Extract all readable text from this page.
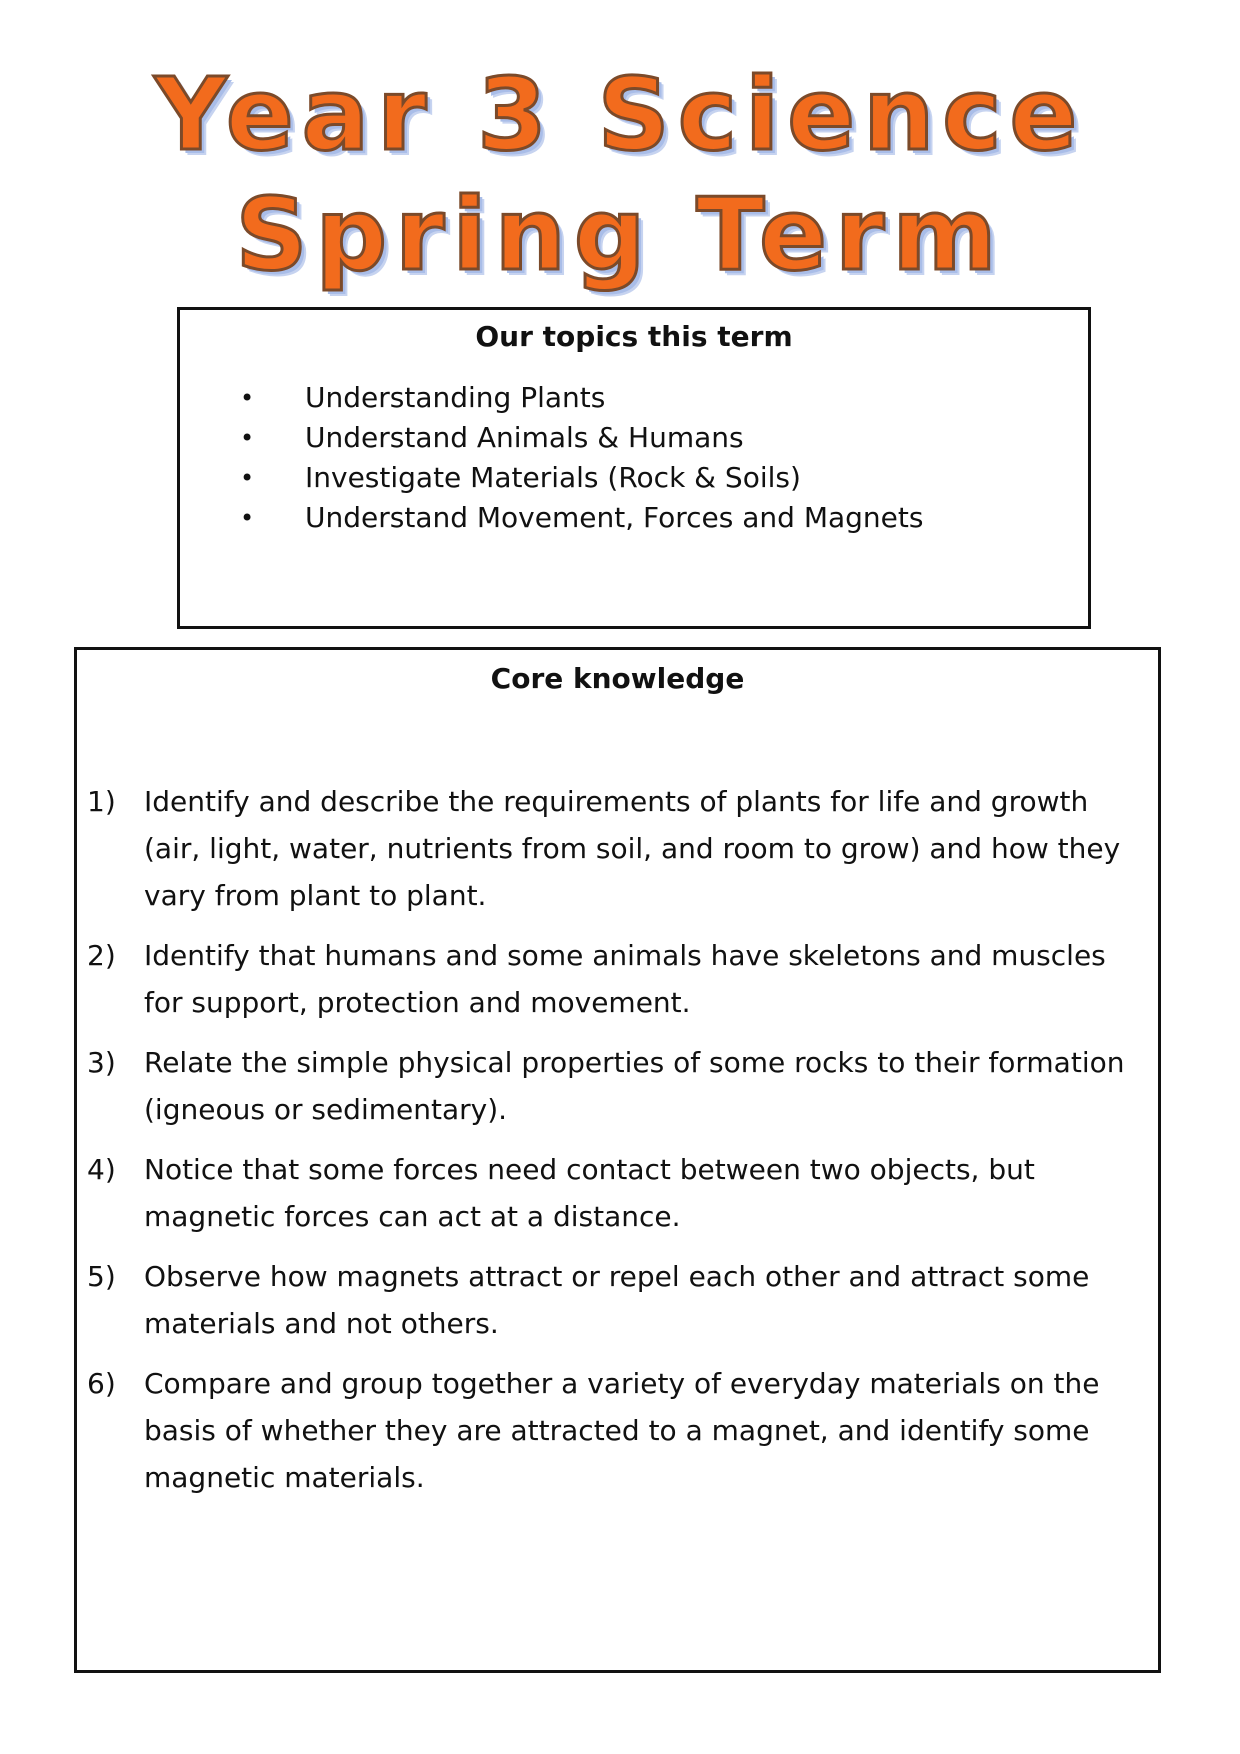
Year 3 Science
Spring Term
Our topics this term
• Understanding Plants
• Understand Animals & Humans
• Investigate Materials (Rock & Soils)
• Understand Movement, Forces and Magnets
Core knowledge
1)	Identify and describe the requirements of plants for life and growth (air, light, water, nutrients from soil, and room to grow) and how they vary from plant to plant.
2)	Identify that humans and some animals have skeletons and muscles for support, protection and movement.
3)	Relate the simple physical properties of some rocks to their formation (igneous or sedimentary).
4)	Notice that some forces need contact between two objects, but magnetic forces can act at a distance.
5)	Observe how magnets attract or repel each other and attract some materials and not others.
6)	Compare and group together a variety of everyday materials on the basis of whether they are attracted to a magnet, and identify some magnetic materials.
